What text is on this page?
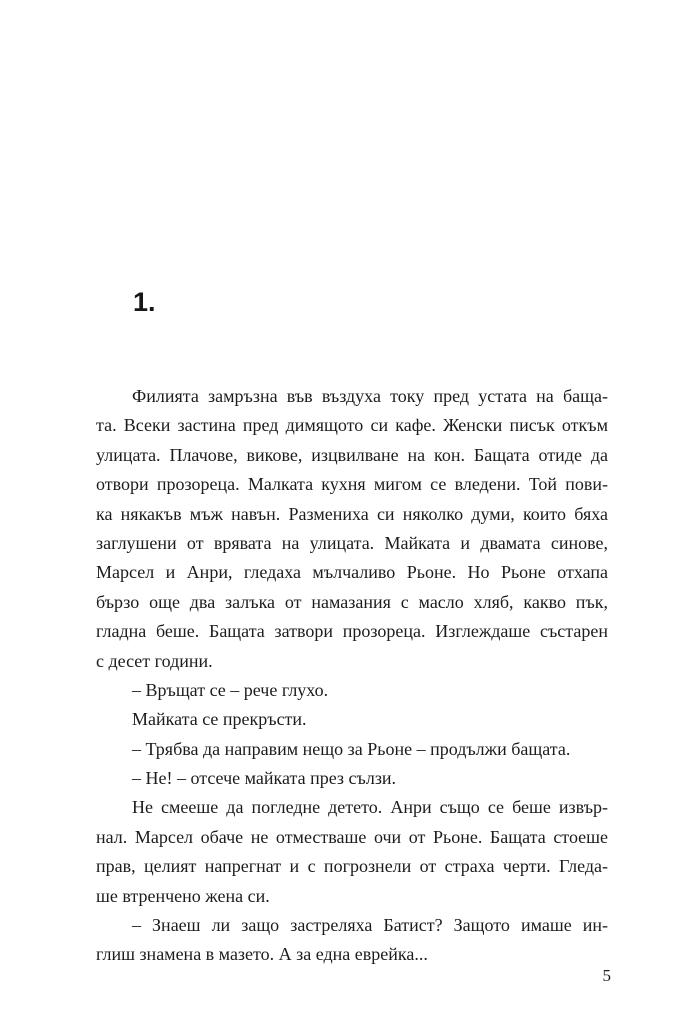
1.
Филията замръзна във въздуха току пред устата на баща-
та. Всеки застина пред димящото си кафе. Женски писък откъм
улицата. Плачове, викове, изцвилване на кон. Бащата отиде да
отвори прозореца. Малката кухня мигом се вледени. Той пови-
ка някакъв мъж навън. Размениха си няколко думи, които бяха
заглушени от врявата на улицата. Майката и двамата синове,
Марсел и Анри, гледаха мълчаливо Рьоне. Но Рьоне отхапа
бързо още два залъка от намазания с масло хляб, какво пък,
гладна беше. Бащата затвори прозореца. Изглеждаше състарен
с десет години.
– Връщат се – рече глухо.
Майката се прекръсти.
– Трябва да направим нещо за Рьоне – продължи бащата.
– Не! – отсече майката през сълзи.
Не смееше да погледне детето. Анри също се беше извър-
нал. Марсел обаче не отместваше очи от Рьоне. Бащата стоеше
прав, целият напрегнат и с погрознели от страха черти. Гледа-
ше втренчено жена си.
– Знаеш ли защо застреляха Батист? Защото имаше ин-
глиш знамена в мазето. А за една еврейка...
5
